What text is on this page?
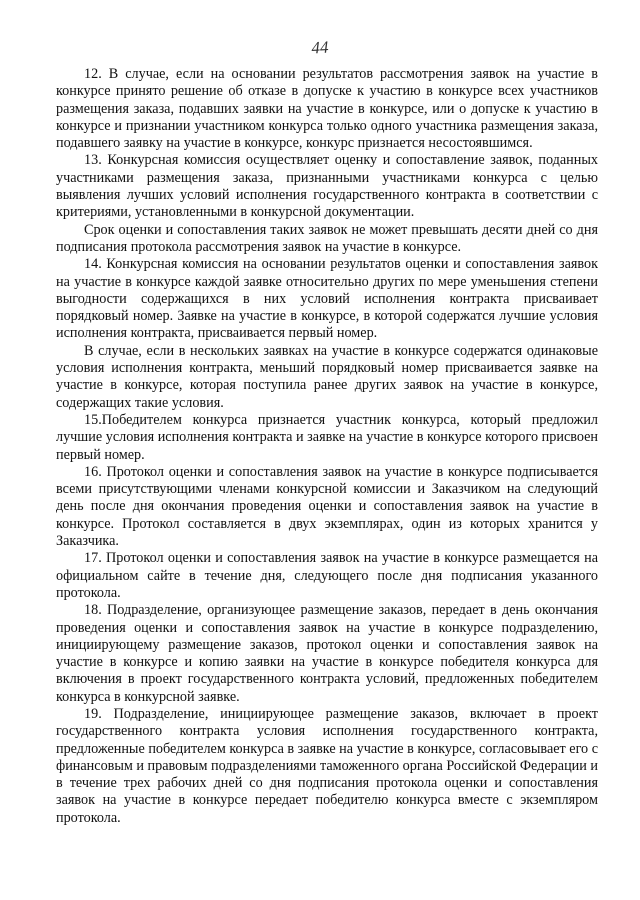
44

12. В случае, если на основании результатов рассмотрения заявок на участие в конкурсе принято решение об отказе в допуске к участию в конкурсе всех участников размещения заказа, подавших заявки на участие в конкурсе, или о допуске к участию в конкурсе и признании участником конкурса только одного участника размещения заказа, подавшего заявку на участие в конкурсе, конкурс признается несостоявшимся.

13. Конкурсная комиссия осуществляет оценку и сопоставление заявок, поданных участниками размещения заказа, признанными участниками конкурса с целью выявления лучших условий исполнения государственного контракта в соответствии с критериями, установленными в конкурсной документации.

Срок оценки и сопоставления таких заявок не может превышать десяти дней со дня подписания протокола рассмотрения заявок на участие в конкурсе.

14. Конкурсная комиссия на основании результатов оценки и сопоставления заявок на участие в конкурсе каждой заявке относительно других по мере уменьшения степени выгодности содержащихся в них условий исполнения контракта присваивает порядковый номер. Заявке на участие в конкурсе, в которой содержатся лучшие условия исполнения контракта, присваивается первый номер.

В случае, если в нескольких заявках на участие в конкурсе содержатся одинаковые условия исполнения контракта, меньший порядковый номер присваивается заявке на участие в конкурсе, которая поступила ранее других заявок на участие в конкурсе, содержащих такие условия.

15.Победителем конкурса признается участник конкурса, который предложил лучшие условия исполнения контракта и заявке на участие в конкурсе которого присвоен первый номер.

16. Протокол оценки и сопоставления заявок на участие в конкурсе подписывается всеми присутствующими членами конкурсной комиссии и Заказчиком на следующий день после дня окончания проведения оценки и сопоставления заявок на участие в конкурсе. Протокол составляется в двух экземплярах, один из которых хранится у Заказчика.

17. Протокол оценки и сопоставления заявок на участие в конкурсе размещается на официальном сайте в течение дня, следующего после дня подписания указанного протокола.

18. Подразделение, организующее размещение заказов, передает в день окончания проведения оценки и сопоставления заявок на участие в конкурсе подразделению, инициирующему размещение заказов, протокол оценки и сопоставления заявок на участие в конкурсе и копию заявки на участие в конкурсе победителя конкурса для включения в проект государственного контракта условий, предложенных победителем конкурса в конкурсной заявке.

19. Подразделение, инициирующее размещение заказов, включает в проект государственного контракта условия исполнения государственного контракта, предложенные победителем конкурса в заявке на участие в конкурсе, согласовывает его с финансовым и правовым подразделениями таможенного органа Российской Федерации и в течение трех рабочих дней со дня подписания протокола оценки и сопоставления заявок на участие в конкурсе передает победителю конкурса вместе с экземпляром протокола.
